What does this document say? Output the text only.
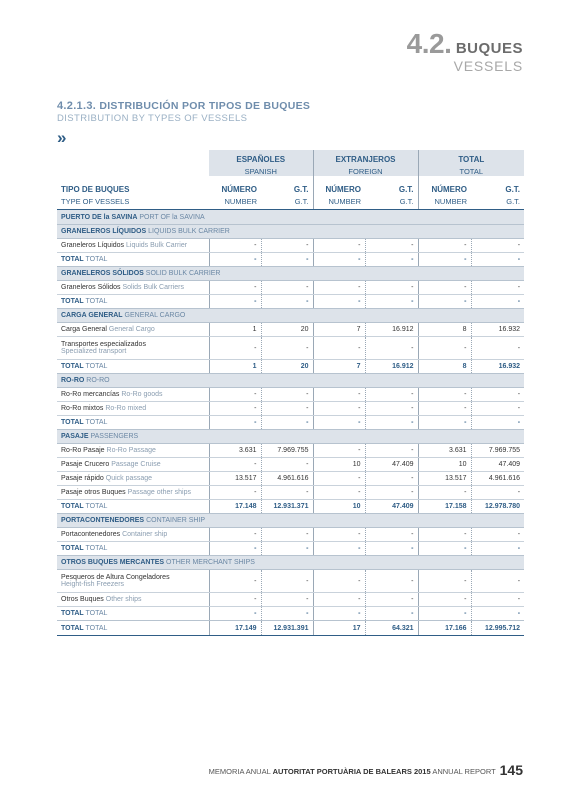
4.2. BUQUES
VESSELS
4.2.1.3. DISTRIBUCIÓN POR TIPOS DE BUQUES
DISTRIBUTION BY TYPES OF VESSELS
»
	ESPAÑOLES		EXTRANJEROS		TOTAL	
	SPANISH		FOREIGN		TOTAL	
TIPO DE BUQUES	NÚMERO	G.T.	NÚMERO	G.T.	NÚMERO	G.T.
TYPE OF VESSELS	NUMBER	G.T.	NUMBER	G.T.	NUMBER	G.T.
PUERTO DE la SAVINA PORT OF la SAVINA						
GRANELEROS LÍQUIDOS LIQUIDS BULK CARRIER						
Graneleros Líquidos Liquids Bulk Carrier	-	-	-	-	-	-
TOTAL TOTAL	-	-	-	-	-	-
GRANELEROS SÓLIDOS SOLID BULK CARRIER						
Graneleros Sólidos Solids Bulk Carriers	-	-	-	-	-	-
TOTAL TOTAL	-	-	-	-	-	-
CARGA GENERAL GENERAL CARGO						
Carga General General Cargo	1	20	7	16.912	8	16.932
Transportes especializados
Specialized transport	-	-	-	-	-	-
TOTAL TOTAL	1	20	7	16.912	8	16.932
RO-RO RO-RO						
Ro-Ro mercancías Ro-Ro goods	-	-	-	-	-	-
Ro-Ro mixtos Ro-Ro mixed	-	-	-	-	-	-
TOTAL TOTAL	-	-	-	-	-	-
PASAJE PASSENGERS						
Ro-Ro Pasaje Ro-Ro Passage	3.631	7.969.755	-	-	3.631	7.969.755
Pasaje Crucero Passage Cruise	-	-	10	47.409	10	47.409
Pasaje rápido Quick passage	13.517	4.961.616	-	-	13.517	4.961.616
Pasaje otros Buques Passage other ships	-	-	-	-	-	-
TOTAL TOTAL	17.148	12.931.371	10	47.409	17.158	12.978.780
PORTACONTENEDORES CONTAINER SHIP						
Portacontenedores Container ship	-	-	-	-	-	-
TOTAL TOTAL	-	-	-	-	-	-
OTROS BUQUES MERCANTES OTHER MERCHANT SHIPS						
Pesqueros de Altura Congeladores
Height-fish Freezers	-	-	-	-	-	-
Otros Buques Other ships	-	-	-	-	-	-
TOTAL TOTAL	-	-	-	-	-	-
TOTAL TOTAL	17.149	12.931.391	17	64.321	17.166	12.995.712
MEMORIA ANUAL AUTORITAT PORTUÀRIA DE BALEARS 2015 ANNUAL REPORT 145
